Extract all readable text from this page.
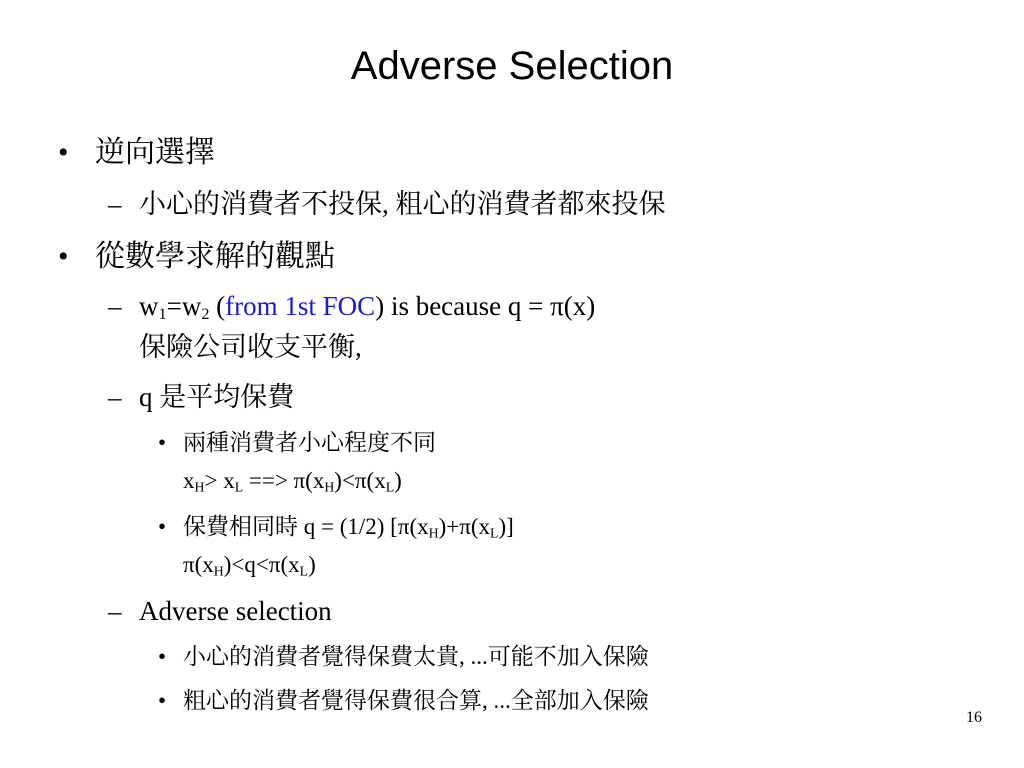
Adverse Selection
• 逆向選擇
– 小心的消費者不投保, 粗心的消費者都來投保
• 從數學求解的觀點
– $w_1=w_2$ (from 1st FOC) is because q = π(x)
保險公司收支平衡,
– q 是平均保費
• 兩種消費者小心程度不同
$x_H> x_L$ ==> $\pi(x_H)<\pi(x_L)$
• 保費相同時 q = (1/2) $[\pi(x_H)+\pi(x_L)]$
$\pi(x_H)<q<\pi(x_L)$
– Adverse selection
• 小心的消費者覺得保費太貴, ...可能不加入保險
• 粗心的消費者覺得保費很合算, ...全部加入保險
16
